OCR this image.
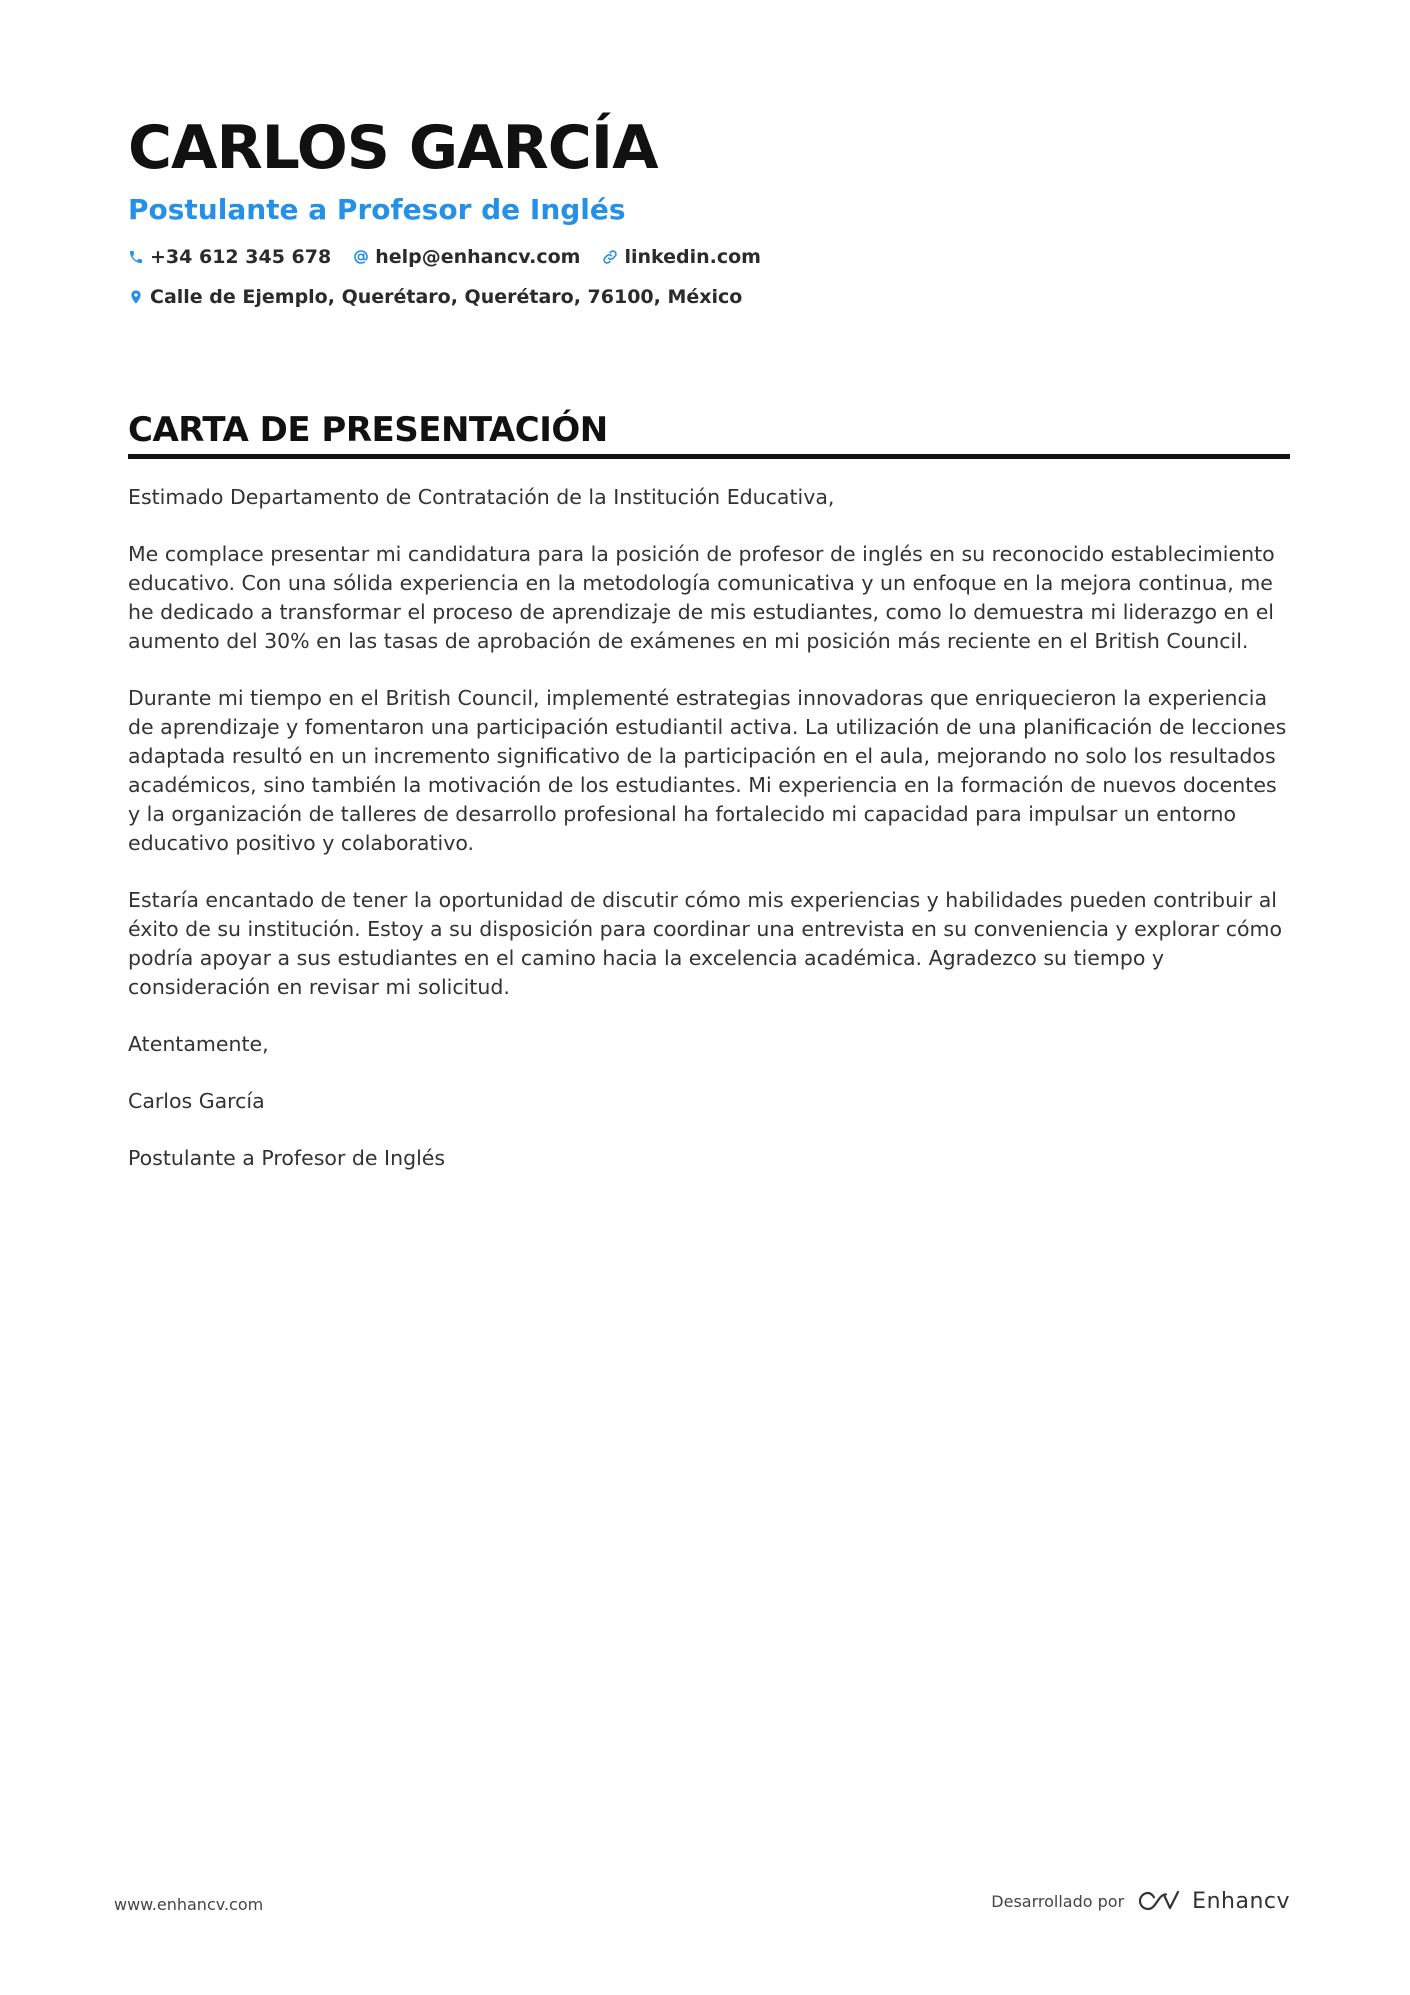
CARLOS GARCÍA
Postulante a Profesor de Inglés
+34 612 345 678 help@enhancv.com linkedin.com
Calle de Ejemplo, Querétaro, Querétaro, 76100, México
CARTA DE PRESENTACIÓN

Estimado Departamento de Contratación de la Institución Educativa,

Me complace presentar mi candidatura para la posición de profesor de inglés en su reconocido establecimiento educativo. Con una sólida experiencia en la metodología comunicativa y un enfoque en la mejora continua, me he dedicado a transformar el proceso de aprendizaje de mis estudiantes, como lo demuestra mi liderazgo en el aumento del 30% en las tasas de aprobación de exámenes en mi posición más reciente en el British Council.

Durante mi tiempo en el British Council, implementé estrategias innovadoras que enriquecieron la experiencia de aprendizaje y fomentaron una participación estudiantil activa. La utilización de una planificación de lecciones adaptada resultó en un incremento significativo de la participación en el aula, mejorando no solo los resultados académicos, sino también la motivación de los estudiantes. Mi experiencia en la formación de nuevos docentes y la organización de talleres de desarrollo profesional ha fortalecido mi capacidad para impulsar un entorno educativo positivo y colaborativo.

Estaría encantado de tener la oportunidad de discutir cómo mis experiencias y habilidades pueden contribuir al éxito de su institución. Estoy a su disposición para coordinar una entrevista en su conveniencia y explorar cómo podría apoyar a sus estudiantes en el camino hacia la excelencia académica. Agradezco su tiempo y consideración en revisar mi solicitud.

Atentamente,

Carlos García

Postulante a Profesor de Inglés

www.enhancv.com	Desarrollado por	Enhancv
